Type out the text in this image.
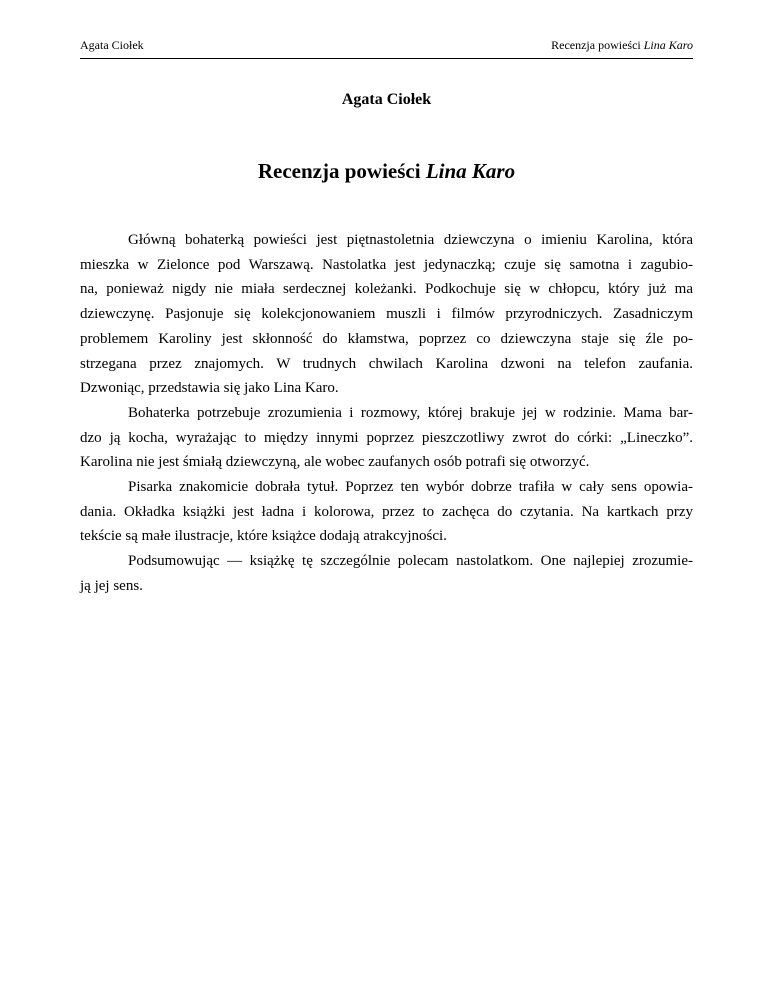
Agata Ciołek	Recenzja powieści Lina Karo
Agata Ciołek
Recenzja powieści Lina Karo
Główną bohaterką powieści jest piętnastoletnia dziewczyna o imieniu Karolina, która
mieszka w Zielonce pod Warszawą. Nastolatka jest jedynaczką; czuje się samotna i zagubio-
na, ponieważ nigdy nie miała serdecznej koleżanki. Podkochuje się w chłopcu, który już ma
dziewczynę. Pasjonuje się kolekcjonowaniem muszli i filmów przyrodniczych. Zasadniczym
problemem Karoliny jest skłonność do kłamstwa, poprzez co dziewczyna staje się źle po-
strzegana przez znajomych. W trudnych chwilach Karolina dzwoni na telefon zaufania.
Dzwoniąc, przedstawia się jako Lina Karo.
Bohaterka potrzebuje zrozumienia i rozmowy, której brakuje jej w rodzinie. Mama bar-
dzo ją kocha, wyrażając to między innymi poprzez pieszczotliwy zwrot do córki: „Lineczko”.
Karolina nie jest śmiałą dziewczyną, ale wobec zaufanych osób potrafi się otworzyć.
Pisarka znakomicie dobrała tytuł. Poprzez ten wybór dobrze trafiła w cały sens opowia-
dania. Okładka książki jest ładna i kolorowa, przez to zachęca do czytania. Na kartkach przy
tekście są małe ilustracje, które książce dodają atrakcyjności.
Podsumowując — książkę tę szczególnie polecam nastolatkom. One najlepiej zrozumie-
ją jej sens.
